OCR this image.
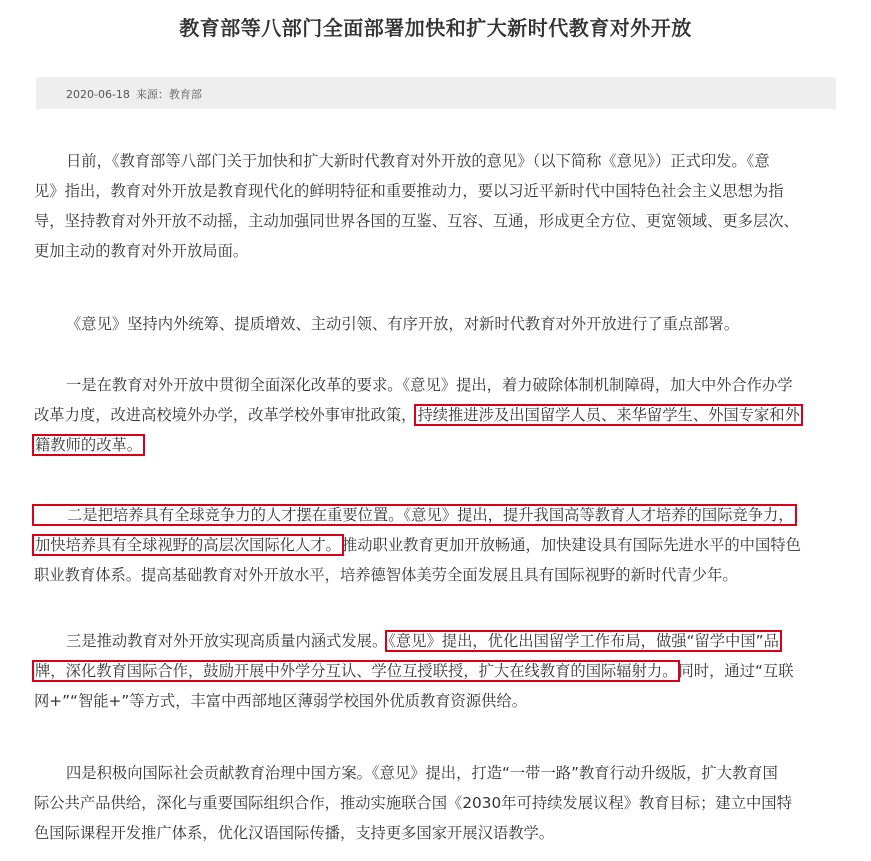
教育部等八部门全面部署加快和扩大新时代教育对外开放
2020-06-18 来源：教育部
日前，《教育部等八部门关于加快和扩大新时代教育对外开放的意见》（以下简称《意见》）正式印发。《意
见》指出，教育对外开放是教育现代化的鲜明特征和重要推动力，要以习近平新时代中国特色社会主义思想为指
导，坚持教育对外开放不动摇，主动加强同世界各国的互鉴、互容、互通，形成更全方位、更宽领域、更多层次、
更加主动的教育对外开放局面。
《意见》坚持内外统筹、提质增效、主动引领、有序开放，对新时代教育对外开放进行了重点部署。
一是在教育对外开放中贯彻全面深化改革的要求。《意见》提出，着力破除体制机制障碍，加大中外合作办学
改革力度，改进高校境外办学，改革学校外事审批政策，持续推进涉及出国留学人员、来华留学生、外国专家和外
籍教师的改革。
二是把培养具有全球竞争力的人才摆在重要位置。《意见》提出，提升我国高等教育人才培养的国际竞争力，
加快培养具有全球视野的高层次国际化人才。推动职业教育更加开放畅通，加快建设具有国际先进水平的中国特色
职业教育体系。提高基础教育对外开放水平，培养德智体美劳全面发展且具有国际视野的新时代青少年。
三是推动教育对外开放实现高质量内涵式发展。《意见》提出，优化出国留学工作布局，做强“留学中国”品
牌，深化教育国际合作，鼓励开展中外学分互认、学位互授联授，扩大在线教育的国际辐射力。同时，通过“互联
网+”“智能+”等方式，丰富中西部地区薄弱学校国外优质教育资源供给。
四是积极向国际社会贡献教育治理中国方案。《意见》提出，打造“一带一路”教育行动升级版，扩大教育国
际公共产品供给，深化与重要国际组织合作，推动实施联合国《2030年可持续发展议程》教育目标；建立中国特
色国际课程开发推广体系，优化汉语国际传播，支持更多国家开展汉语教学。
